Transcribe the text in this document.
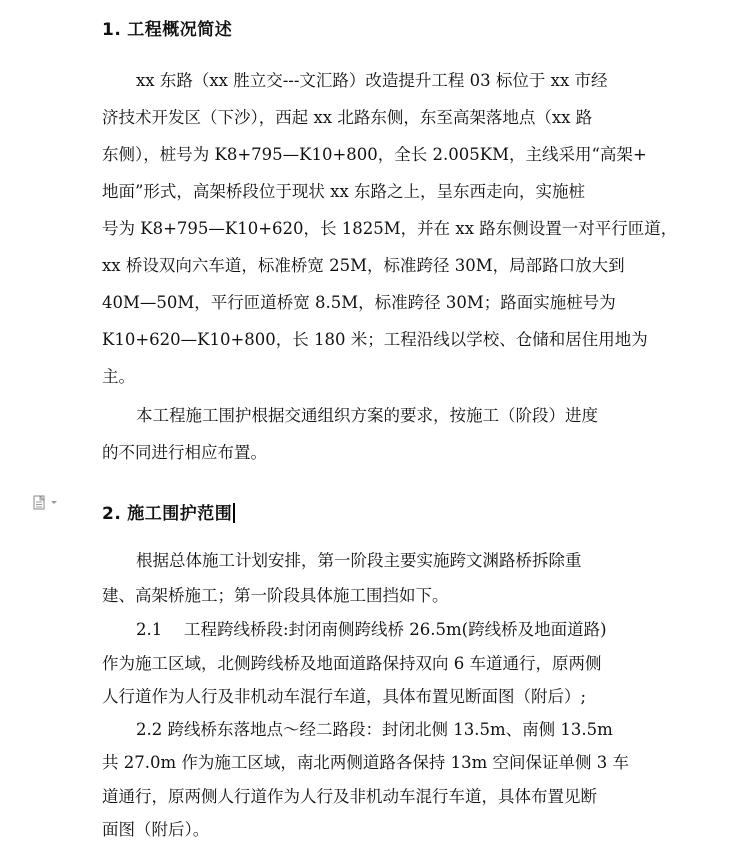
1. 工程概况简述
xx 东路（xx 胜立交---文汇路）改造提升工程 03 标位于 xx 市经
济技术开发区（下沙），西起 xx 北路东侧，东至高架落地点（xx 路
东侧），桩号为 K8+795—K10+800，全长 2.005KM，主线采用“高架+
地面”形式，高架桥段位于现状 xx 东路之上，呈东西走向，实施桩
号为 K8+795—K10+620，长 1825M，并在 xx 路东侧设置一对平行匝道，
xx 桥设双向六车道，标准桥宽 25M，标准跨径 30M，局部路口放大到
40M—50M，平行匝道桥宽 8.5M，标准跨径 30M；路面实施桩号为
K10+620—K10+800，长 180 米；工程沿线以学校、仓储和居住用地为
主。
本工程施工围护根据交通组织方案的要求，按施工（阶段）进度
的不同进行相应布置。
2. 施工围护范围
根据总体施工计划安排，第一阶段主要实施跨文渊路桥拆除重
建、高架桥施工；第一阶段具体施工围挡如下。
2.1　 工程跨线桥段:封闭南侧跨线桥 26.5m(跨线桥及地面道路)
作为施工区域，北侧跨线桥及地面道路保持双向 6 车道通行，原两侧
人行道作为人行及非机动车混行车道，具体布置见断面图（附后）;
2.2 跨线桥东落地点～经二路段：封闭北侧 13.5m、南侧 13.5m
共 27.0m 作为施工区域，南北两侧道路各保持 13m 空间保证单侧 3 车
道通行，原两侧人行道作为人行及非机动车混行车道，具体布置见断
面图（附后）。
